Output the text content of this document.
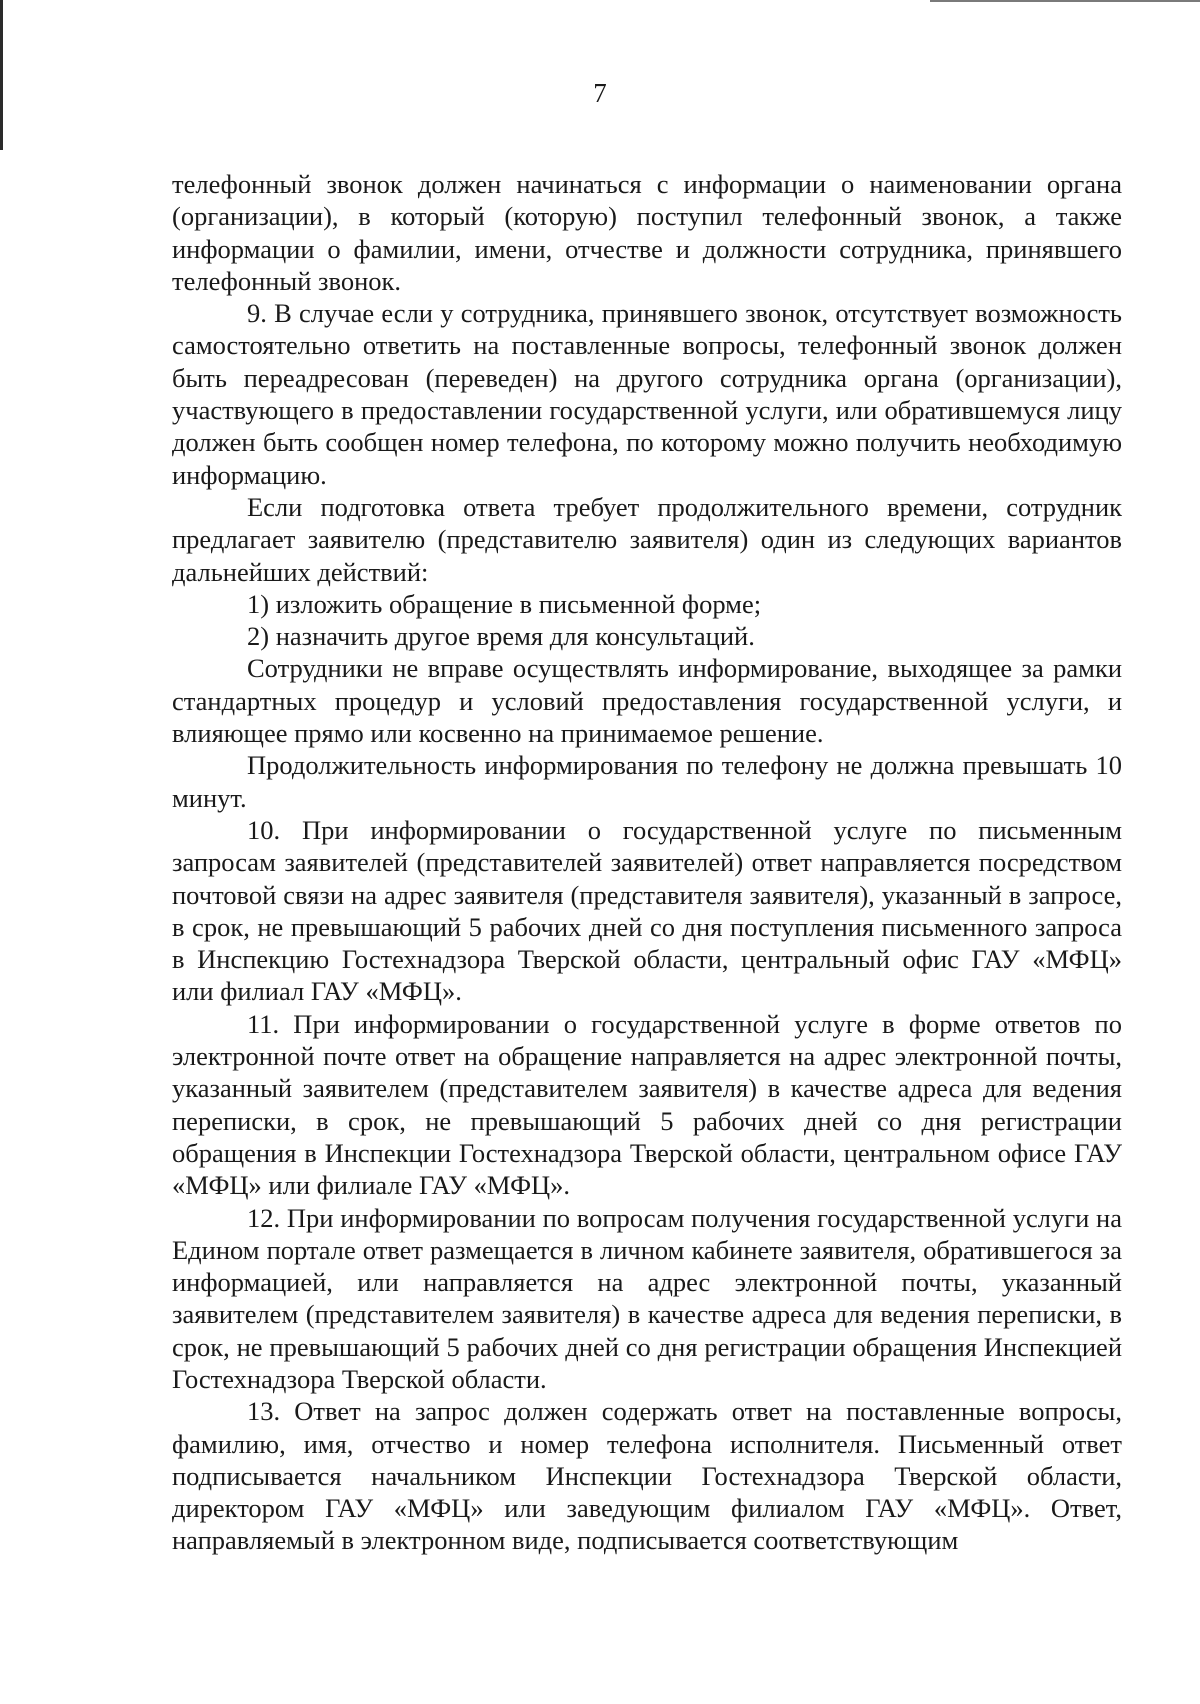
7

телефонный звонок должен начинаться с информации о наименовании органа (организации), в который (которую) поступил телефонный звонок, а также информации о фамилии, имени, отчестве и должности сотрудника, принявшего телефонный звонок.

9. В случае если у сотрудника, принявшего звонок, отсутствует возможность самостоятельно ответить на поставленные вопросы, телефонный звонок должен быть переадресован (переведен) на другого сотрудника органа (организации), участвующего в предоставлении государственной услуги, или обратившемуся лицу должен быть сообщен номер телефона, по которому можно получить необходимую информацию.

Если подготовка ответа требует продолжительного времени, сотрудник предлагает заявителю (представителю заявителя) один из следующих вариантов дальнейших действий:

1) изложить обращение в письменной форме;

2) назначить другое время для консультаций.

Сотрудники не вправе осуществлять информирование, выходящее за рамки стандартных процедур и условий предоставления государственной услуги, и влияющее прямо или косвенно на принимаемое решение.

Продолжительность информирования по телефону не должна превышать 10 минут.

10. При информировании о государственной услуге по письменным запросам заявителей (представителей заявителей) ответ направляется посредством почтовой связи на адрес заявителя (представителя заявителя), указанный в запросе, в срок, не превышающий 5 рабочих дней со дня поступления письменного запроса в Инспекцию Гостехнадзора Тверской области, центральный офис ГАУ «МФЦ» или филиал ГАУ «МФЦ».

11. При информировании о государственной услуге в форме ответов по электронной почте ответ на обращение направляется на адрес электронной почты, указанный заявителем (представителем заявителя) в качестве адреса для ведения переписки, в срок, не превышающий 5 рабочих дней со дня регистрации обращения в Инспекции Гостехнадзора Тверской области, центральном офисе ГАУ «МФЦ» или филиале ГАУ «МФЦ».

12. При информировании по вопросам получения государственной услуги на Едином портале ответ размещается в личном кабинете заявителя, обратившегося за информацией, или направляется на адрес электронной почты, указанный заявителем (представителем заявителя) в качестве адреса для ведения переписки, в срок, не превышающий 5 рабочих дней со дня регистрации обращения Инспекцией Гостехнадзора Тверской области.

13. Ответ на запрос должен содержать ответ на поставленные вопросы, фамилию, имя, отчество и номер телефона исполнителя. Письменный ответ подписывается начальником Инспекции Гостехнадзора Тверской области, директором ГАУ «МФЦ» или заведующим филиалом ГАУ «МФЦ». Ответ, направляемый в электронном виде, подписывается соответствующим
